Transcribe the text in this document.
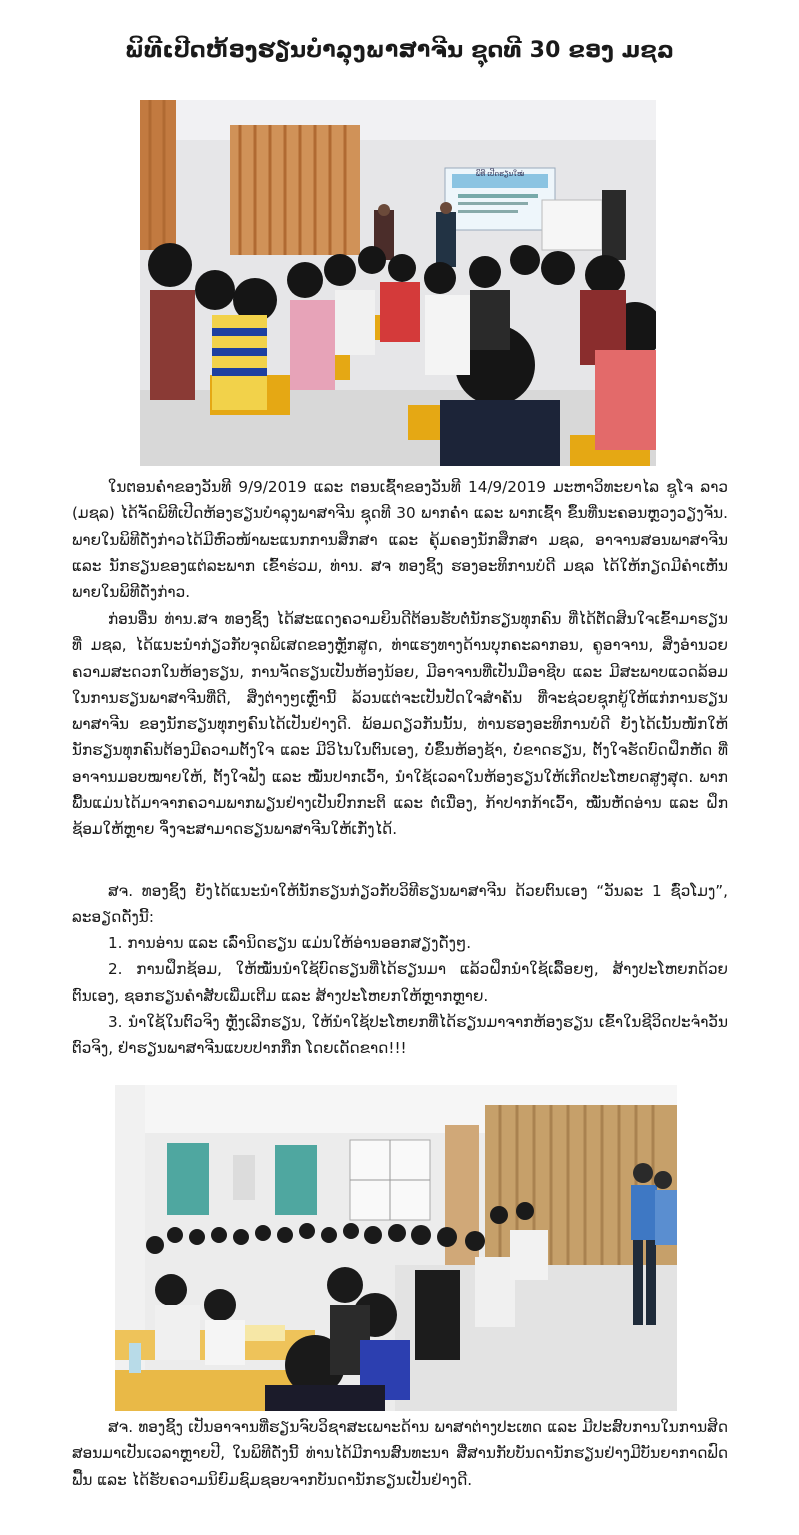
ພິທີເປີດຫ້ອງຮຽນບຳລຸງພາສາຈີນ ຊຸດທີ 30 ຂອງ ມຊລ
ພິທີ ເປີດຮຽນໃໝ່

ໃນຕອນຄ່ຳຂອງວັນທີ 9/9/2019 ແລະ ຕອນເຊົ້າຂອງວັນທີ 14/9/2019 ມະຫາວິທະຍາໄລ ຊູໂຈ ລາວ (ມຊລ) ໄດ້ຈັດພິທີເປີດຫ້ອງຮຽນບຳລຸງພາສາຈີນ ຊຸດທີ 30 ພາກຄ່ຳ ແລະ ພາກເຊົ້າ ຂຶ້ນທີ່ນະຄອນຫຼວງວຽງຈັນ. ພາຍໃນພິທີດັ່ງກ່າວໄດ້ມີຫົວໜ້າພະແນກການສຶກສາ ແລະ ຄຸ້ມຄອງນັກສຶກສາ ມຊລ, ອາຈານສອນພາສາຈີນ ແລະ ນັກຮຽນຂອງແຕ່ລະພາກ ເຂົ້າຮ່ວມ, ທ່ານ. ສຈ ທອງຊິ້ງ ຮອງອະທິການບໍດີ ມຊລ ໄດ້ໃຫ້ກຽດມີຄຳເຫັນ ພາຍໃນພິທີດັ່ງກ່າວ.

ກ່ອນອື່ນ ທ່ານ.ສຈ ທອງຊິ້ງ ໄດ້ສະແດງຄວາມຍິນດີຕ້ອນຮັບຕໍ່ນັກຮຽນທຸກຄົນ ທີ່ໄດ້ຕັດສິນໃຈເຂົ້າມາຮຽນທີ່ ມຊລ, ໄດ້ແນະນຳກ່ຽວກັບຈຸດພິເສດຂອງຫຼັກສູດ, ທ່າແຮງທາງດ້ານບຸກຄະລາກອນ, ຄູອາຈານ, ສິ່ງອຳນວຍຄວາມສະດວກໃນຫ້ອງຮຽນ, ການຈັດຮຽນເປັນຫ້ອງນ້ອຍ, ມີອາຈານທີ່ເປັນມືອາຊີບ ແລະ ມີສະພາບແວດລ້ອມໃນການຮຽນພາສາຈີນທີ່ດີ, ສິ່ງຕ່າງໆເຫຼົ່ານີ້ ລ້ວນແຕ່ຈະເປັນປັດໃຈສຳຄັນ ທີ່ຈະຊ່ວຍຊຸກຍູ້ໃຫ້ແກ່ການຮຽນພາສາຈີນ ຂອງນັກຮຽນທຸກໆຄົນໄດ້ເປັນຢ່າງດີ. ພ້ອມດຽວກັນນັ້ນ, ທ່ານຮອງອະທິການບໍດີ ຍັງໄດ້ເນັ້ນໜັກໃຫ້ນັກຮຽນທຸກຄົນຕ້ອງມີຄວາມຕັ້ງໃຈ ແລະ ມີວິໄນໃນຕົນເອງ, ບໍ່ຂຶ້ນຫ້ອງຊ້າ, ບໍ່ຂາດຮຽນ, ຕັ້ງໃຈຮັດບົດຝຶກຫັດ ທີ່ອາຈານມອບໝາຍໃຫ້, ຕັ້ງໃຈຟັງ ແລະ ໝັ່ນປາກເວົ້າ, ນຳໃຊ້ເວລາໃນຫ້ອງຮຽນໃຫ້ເກີດປະໂຫຍດສູງສຸດ. ພາກພື້ນແມ່ນໄດ້ມາຈາກຄວາມພາກພຽນຢ່າງເປັນປົກກະຕິ ແລະ ຕໍ່ເນື່ອງ, ກ້າປາກກ້າເວົ້າ, ໝັ່ນຫັດອ່ານ ແລະ ຝຶກຊ້ອມໃຫ້ຫຼາຍ ຈຶ່ງຈະສາມາດຮຽນພາສາຈີນໃຫ້ເກັ່ງໄດ້.

ສຈ. ທອງຊິ້ງ ຍັງໄດ້ແນະນຳໃຫ້ນັກຮຽນກ່ຽວກັບວິທີຮຽນພາສາຈີນ ດ້ວຍຕົນເອງ “ວັນລະ 1 ຊົ່ວໂມງ”, ລະອຽດດັ່ງນີ້:

1. ການອ່ານ ແລະ ເລົ່ານິດຮຽນ ແມ່ນໃຫ້ອ່ານອອກສຽງດັ່ງໆ.
2. ການຝຶກຊ້ອມ, ໃຫ້ໝັ່ນນຳໃຊ້ບົດຮຽນທີ່ໄດ້ຮຽນມາ ແລ້ວຝຶກນຳໃຊ້ເລື້ອຍໆ, ສ້າງປະໂຫຍກດ້ວຍຕົນເອງ, ຊອກຮຽນຄຳສັບເພີ່ມເຕີມ ແລະ ສ້າງປະໂຫຍກໃຫ້ຫຼາກຫຼາຍ.
3. ນຳໃຊ້ໃນຕົວຈິງ ຫຼັງເລີກຮຽນ, ໃຫ້ນຳໃຊ້ປະໂຫຍກທີ່ໄດ້ຮຽນມາຈາກຫ້ອງຮຽນ ເຂົ້າໃນຊີວິດປະຈຳວັນຕົວຈິງ, ຢ່າຮຽນພາສາຈີນແບບປາກກືກ ໂດຍເດັດຂາດ!!!

ສຈ. ທອງຊິ້ງ ເປັນອາຈານທີ່ຮຽນຈົບວິຊາສະເພາະດ້ານ ພາສາຕ່າງປະເທດ ແລະ ມີປະສົບການໃນການສິດສອນມາເປັນເວລາຫຼາຍປີ, ໃນພິທີດັ່ງນີ້ ທ່ານໄດ້ມີການສົນທະນາ ສື່ສານກັບບັນດານັກຮຽນຢ່າງມີບັນຍາກາດຟົດຟື້ນ ແລະ ໄດ້ຮັບຄວາມນິຍົມຊົມຊອບຈາກບັນດານັກຮຽນເປັນຢ່າງດີ.
